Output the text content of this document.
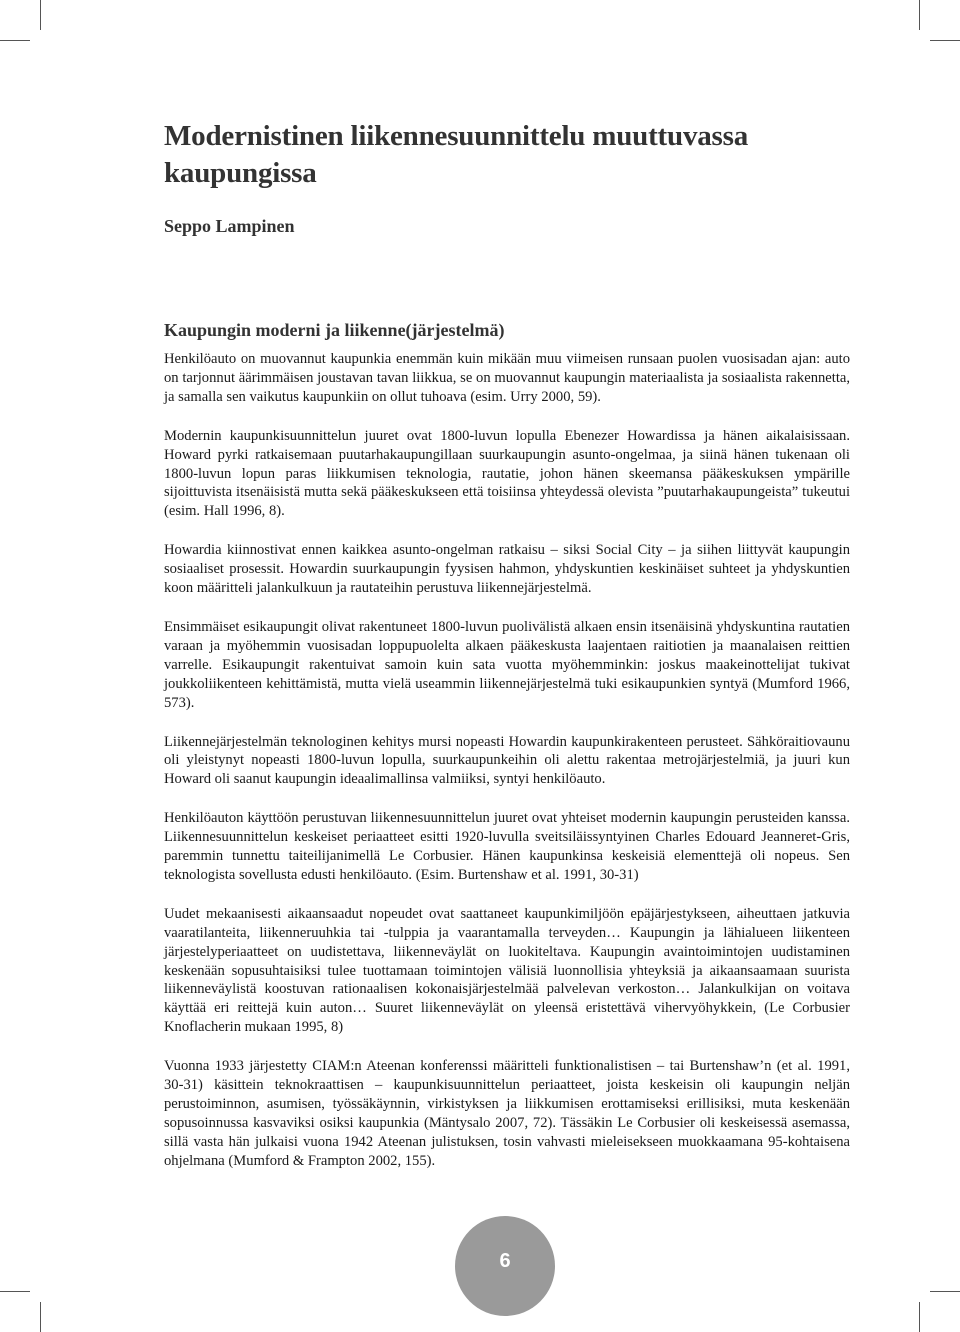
Modernistinen liikennesuunnittelu muuttuvassa kaupungissa
Seppo Lampinen
Kaupungin moderni ja liikenne(järjestelmä)

Henkilöauto on muovannut kaupunkia enemmän kuin mikään muu viimeisen runsaan puolen vuosisadan ajan: auto on tarjonnut äärimmäisen joustavan tavan liikkua, se on muovannut kaupungin materiaalista ja sosiaalista rakennetta, ja samalla sen vaikutus kaupunkiin on ollut tuhoava (esim. Urry 2000, 59).

Modernin kaupunkisuunnittelun juuret ovat 1800-luvun lopulla Ebenezer Howardissa ja hänen aikalaisissaan. Howard pyrki ratkaisemaan puutarhakaupungillaan suurkaupungin asunto-ongelmaa, ja siinä hänen tukenaan oli 1800-luvun lopun paras liikkumisen teknologia, rautatie, johon hänen skeemansa pääkeskuksen ympärille sijoittuvista itsenäisistä mutta sekä pääkeskukseen että toisiinsa yhteydessä olevista ”puutarhakaupungeista” tukeutui (esim. Hall 1996, 8).

Howardia kiinnostivat ennen kaikkea asunto-ongelman ratkaisu – siksi Social City – ja siihen liittyvät kaupungin sosiaaliset prosessit. Howardin suurkaupungin fyysisen hahmon, yhdyskuntien keskinäiset suhteet ja yhdyskuntien koon määritteli jalankulkuun ja rautateihin perustuva liikennejärjestelmä.

Ensimmäiset esikaupungit olivat rakentuneet 1800-luvun puolivälistä alkaen ensin itsenäisinä yhdyskuntina rautatien varaan ja myöhemmin vuosisadan loppupuolelta alkaen pääkeskusta laajentaen raitiotien ja maanalaisen reittien varrelle. Esikaupungit rakentuivat samoin kuin sata vuotta myöhemminkin: joskus maakeinottelijat tukivat joukkoliikenteen kehittämistä, mutta vielä useammin liikennejärjestelmä tuki esikaupunkien syntyä (Mumford 1966, 573).

Liikennejärjestelmän teknologinen kehitys mursi nopeasti Howardin kaupunkirakenteen perusteet. Sähköraitiovaunu oli yleistynyt nopeasti 1800-luvun lopulla, suurkaupunkeihin oli alettu rakentaa metrojärjestelmiä, ja juuri kun Howard oli saanut kaupungin ideaalimallinsa valmiiksi, syntyi henkilöauto.

Henkilöauton käyttöön perustuvan liikennesuunnittelun juuret ovat yhteiset modernin kaupungin perusteiden kanssa. Liikennesuunnittelun keskeiset periaatteet esitti 1920-luvulla sveitsiläissyntyinen Charles Edouard Jeanneret-Gris, paremmin tunnettu taiteilijanimellä Le Corbusier. Hänen kaupunkinsa keskeisiä elementtejä oli nopeus. Sen teknologista sovellusta edusti henkilöauto. (Esim. Burtenshaw et al. 1991, 30-31)

Uudet mekaanisesti aikaansaadut nopeudet ovat saattaneet kaupunkimiljöön epäjärjestykseen, aiheuttaen jatkuvia vaaratilanteita, liikenneruuhkia tai -tulppia ja vaarantamalla terveyden… Kaupungin ja lähialueen liikenteen järjestelyperiaatteet on uudistettava, liikenneväylät on luokiteltava. Kaupungin avaintoimintojen uudistaminen keskenään sopusuhtaisiksi tulee tuottamaan toimintojen välisiä luonnollisia yhteyksiä ja aikaansaamaan suurista liikenneväylistä koostuvan rationaalisen kokonaisjärjestelmää palvelevan verkoston… Jalankulkijan on voitava käyttää eri reittejä kuin auton… Suuret liikenneväylät on yleensä eristettävä vihervyöhykkein, (Le Corbusier Knoflacherin mukaan 1995, 8)

Vuonna 1933 järjestetty CIAM:n Ateenan konferenssi määritteli funktionalistisen – tai Burtenshaw’n (et al. 1991, 30-31) käsittein teknokraattisen – kaupunkisuunnittelun periaatteet, joista keskeisin oli kaupungin neljän perustoiminnon, asumisen, työssäkäynnin, virkistyksen ja liikkumisen erottamiseksi erillisiksi, muta keskenään sopusoinnussa kasvaviksi osiksi kaupunkia (Mäntysalo 2007, 72). Tässäkin Le Corbusier oli keskeisessä asemassa, sillä vasta hän julkaisi vuona 1942 Ateenan julistuksen, tosin vahvasti mieleisekseen muokkaamana 95-kohtaisena ohjelmana (Mumford & Frampton 2002, 155).

6
